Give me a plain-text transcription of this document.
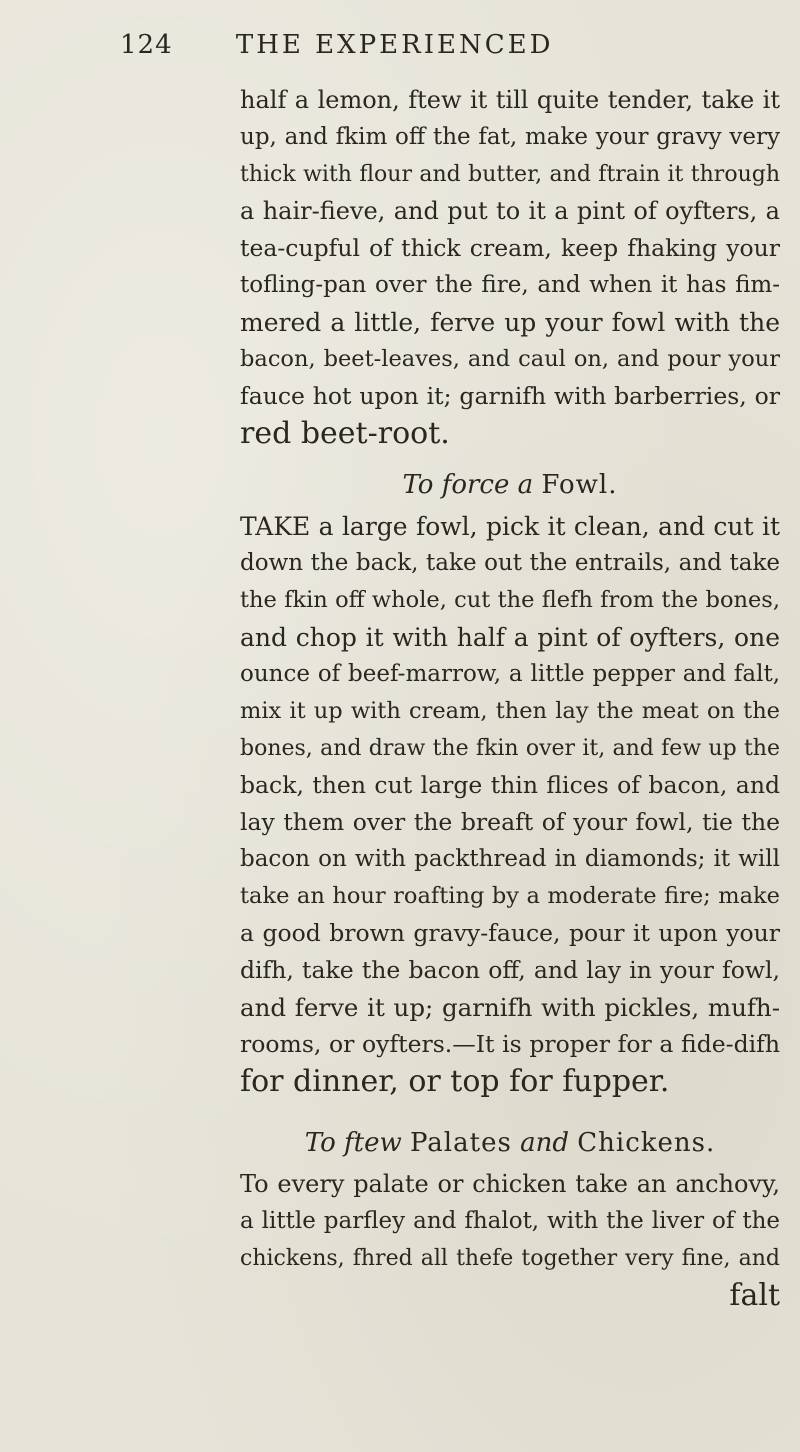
124 THE EXPERIENCED

half a lemon, ftew it till quite tender, take it
up, and fkim off the fat, make your gravy very
thick with flour and butter, and ftrain it through
a hair-fieve, and put to it a pint of oyfters, a
tea-cupful of thick cream, keep fhaking your
tofling-pan over the fire, and when it has fim-
mered a little, ferve up your fowl with the
bacon, beet-leaves, and caul on, and pour your
fauce hot upon it; garnifh with barberries, or
red beet-root.

To force a Fowl.

TAKE a large fowl, pick it clean, and cut it
down the back, take out the entrails, and take
the fkin off whole, cut the flefh from the bones,
and chop it with half a pint of oyfters, one
ounce of beef-marrow, a little pepper and falt,
mix it up with cream, then lay the meat on the
bones, and draw the fkin over it, and few up the
back, then cut large thin flices of bacon, and
lay them over the breaft of your fowl, tie the
bacon on with packthread in diamonds; it will
take an hour roafting by a moderate fire; make
a good brown gravy-fauce, pour it upon your
difh, take the bacon off, and lay in your fowl,
and ferve it up; garnifh with pickles, mufh-
rooms, or oyfters.—It is proper for a fide-difh
for dinner, or top for fupper.

To ftew Palates and Chickens.

To every palate or chicken take an anchovy,
a little parfley and fhalot, with the liver of the
chickens, fhred all thefe together very fine, and
falt
